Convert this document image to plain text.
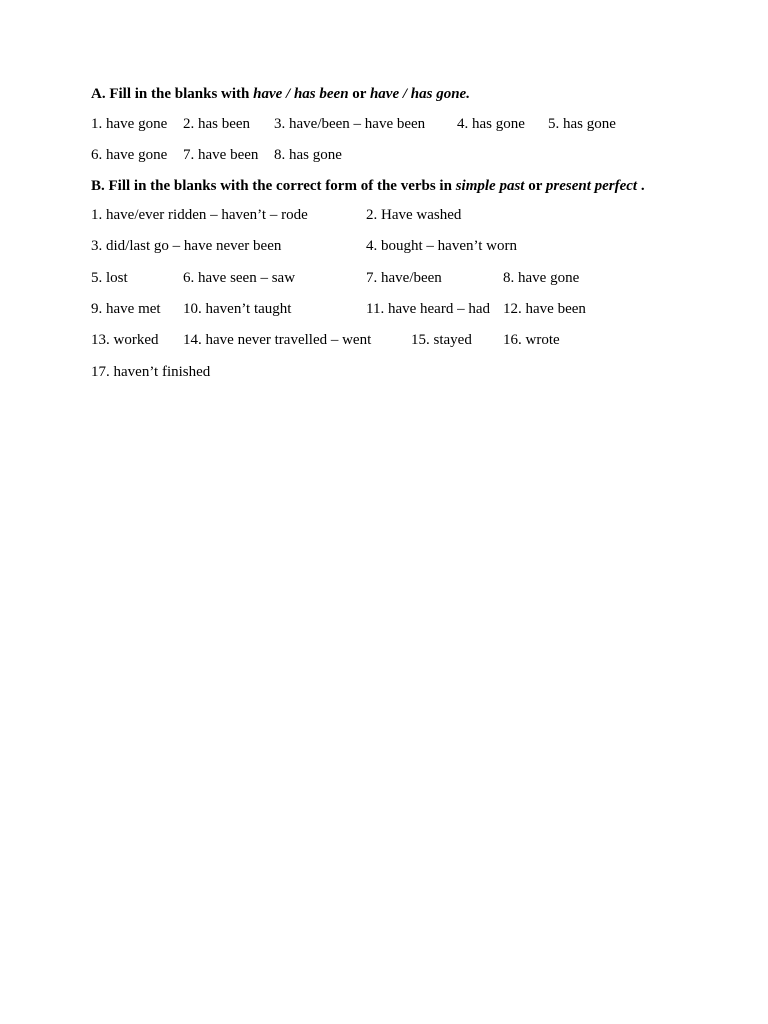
A. Fill in the blanks with have / has been or have / has gone.
1. have gone 2. has been 3. have/been – have been 4. has gone 5. has gone
6. have gone 7. have been 8. has gone
B. Fill in the blanks with the correct form of the verbs in simple past or present perfect .
1. have/ever ridden – haven’t – rode	2. Have washed
3. did/last go – have never been	4. bought – haven’t worn
5. lost	6. have seen – saw	7. have/been	8. have gone
9. have met 10. haven’t taught	11. have heard – had 12. have been
13. worked 14. have never travelled – went	15. stayed 16. wrote
17. haven’t finished
